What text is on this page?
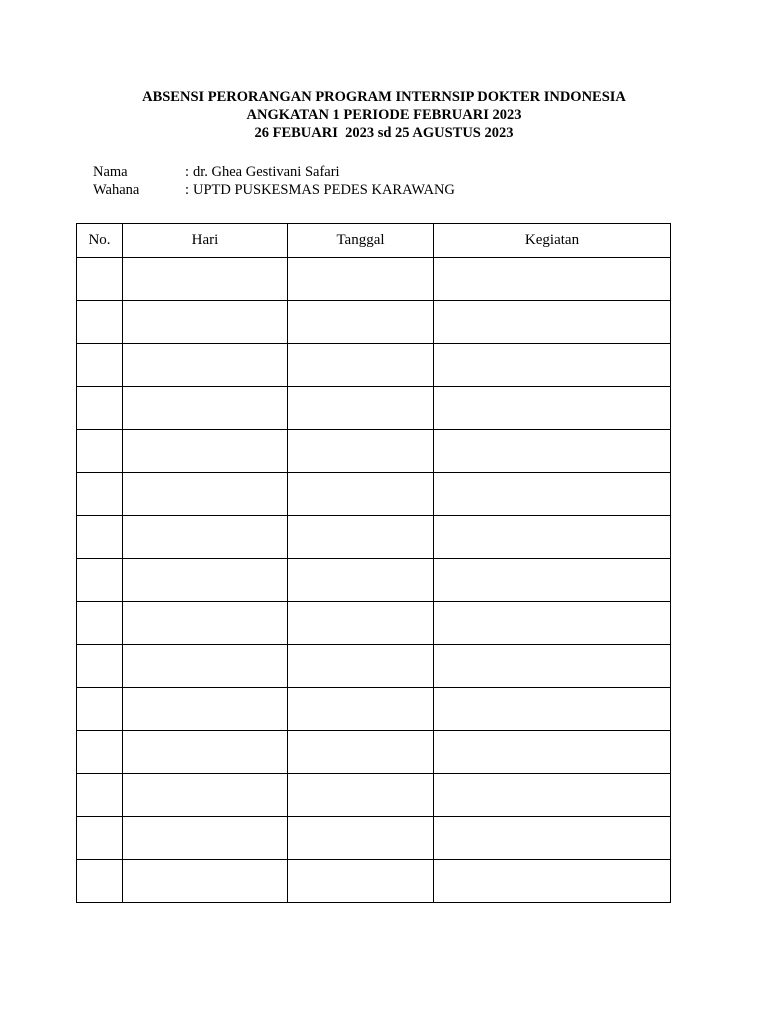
ABSENSI PERORANGAN PROGRAM INTERNSIP DOKTER INDONESIA
ANGKATAN 1 PERIODE FEBRUARI 2023
26 FEBUARI  2023 sd 25 AGUSTUS 2023
Nama	: dr. Ghea Gestivani Safari
Wahana	: UPTD PUSKESMAS PEDES KARAWANG
No.	Hari	Tanggal	Kegiatan
